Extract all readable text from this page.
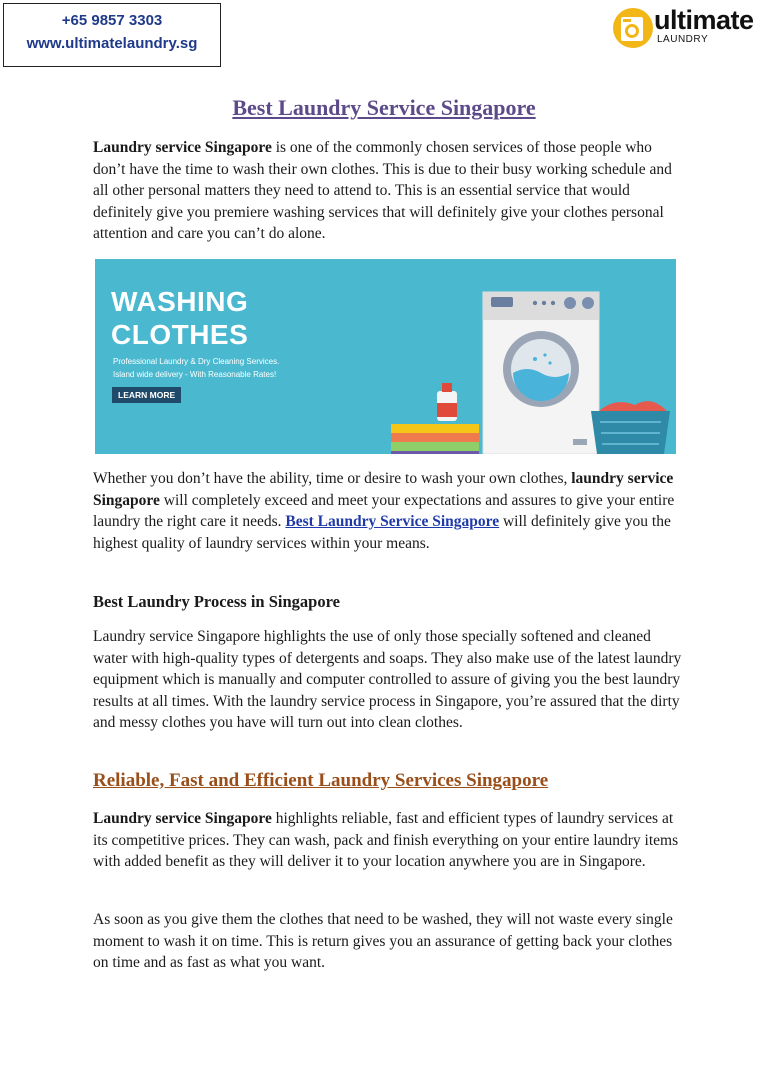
+65 9857 3303
www.ultimatelaundry.sg
ultimate
LAUNDRY
Best Laundry Service Singapore

Laundry service Singapore is one of the commonly chosen services of those people who don’t have the time to wash their own clothes. This is due to their busy working schedule and all other personal matters they need to attend to. This is an essential service that would definitely give you premiere washing services that will definitely give your clothes personal attention and care you can’t do alone.

WASHING
CLOTHES
Professional Laundry & Dry Cleaning Services.
Island wide delivery - With Reasonable Rates!
LEARN MORE

Whether you don’t have the ability, time or desire to wash your own clothes, laundry service Singapore will completely exceed and meet your expectations and assures to give your entire laundry the right care it needs. Best Laundry Service Singapore will definitely give you the highest quality of laundry services within your means.

Best Laundry Process in Singapore

Laundry service Singapore highlights the use of only those specially softened and cleaned water with high-quality types of detergents and soaps. They also make use of the latest laundry equipment which is manually and computer controlled to assure of giving you the best laundry results at all times. With the laundry service process in Singapore, you’re assured that the dirty and messy clothes you have will turn out into clean clothes.

Reliable, Fast and Efficient Laundry Services Singapore

Laundry service Singapore highlights reliable, fast and efficient types of laundry services at its competitive prices. They can wash, pack and finish everything on your entire laundry items with added benefit as they will deliver it to your location anywhere you are in Singapore.

As soon as you give them the clothes that need to be washed, they will not waste every single moment to wash it on time. This is return gives you an assurance of getting back your clothes on time and as fast as what you want.
